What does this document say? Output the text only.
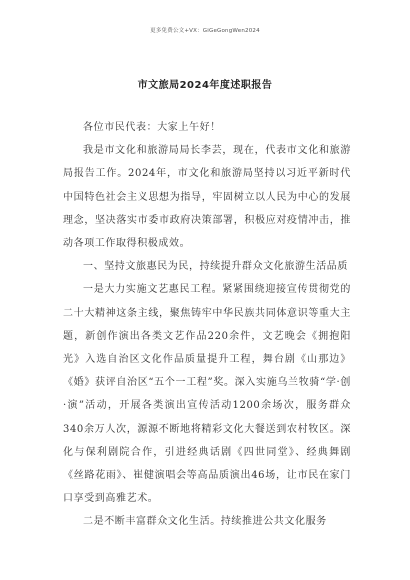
更多免费公文+VX：GiGeGongWen2024
市文旅局2024年度述职报告

各位市民代表：大家上午好！

我是市文化和旅游局局长李芸，现在，代表市文化和旅游局报告工作。2024年，市文化和旅游局坚持以习近平新时代中国特色社会主义思想为指导，牢固树立以人民为中心的发展理念，坚决落实市委市政府决策部署，积极应对疫情冲击，推动各项工作取得积极成效。

一、坚持文旅惠民为民，持续提升群众文化旅游生活品质

一是大力实施文艺惠民工程。紧紧围绕迎接宣传贯彻党的二十大精神这条主线，聚焦铸牢中华民族共同体意识等重大主题，新创作演出各类文艺作品220余件，文艺晚会《拥抱阳光》入选自治区文化作品质量提升工程，舞台剧《山那边》《婚》获评自治区“五个一工程”奖。深入实施乌兰牧骑“学·创·演”活动，开展各类演出宣传活动1200余场次，服务群众340余万人次，源源不断地将精彩文化大餐送到农村牧区。深化与保利剧院合作，引进经典话剧《四世同堂》、经典舞剧《丝路花雨》、崔健演唱会等高品质演出46场，让市民在家门口享受到高雅艺术。

二是不断丰富群众文化生活。持续推进公共文化服务
